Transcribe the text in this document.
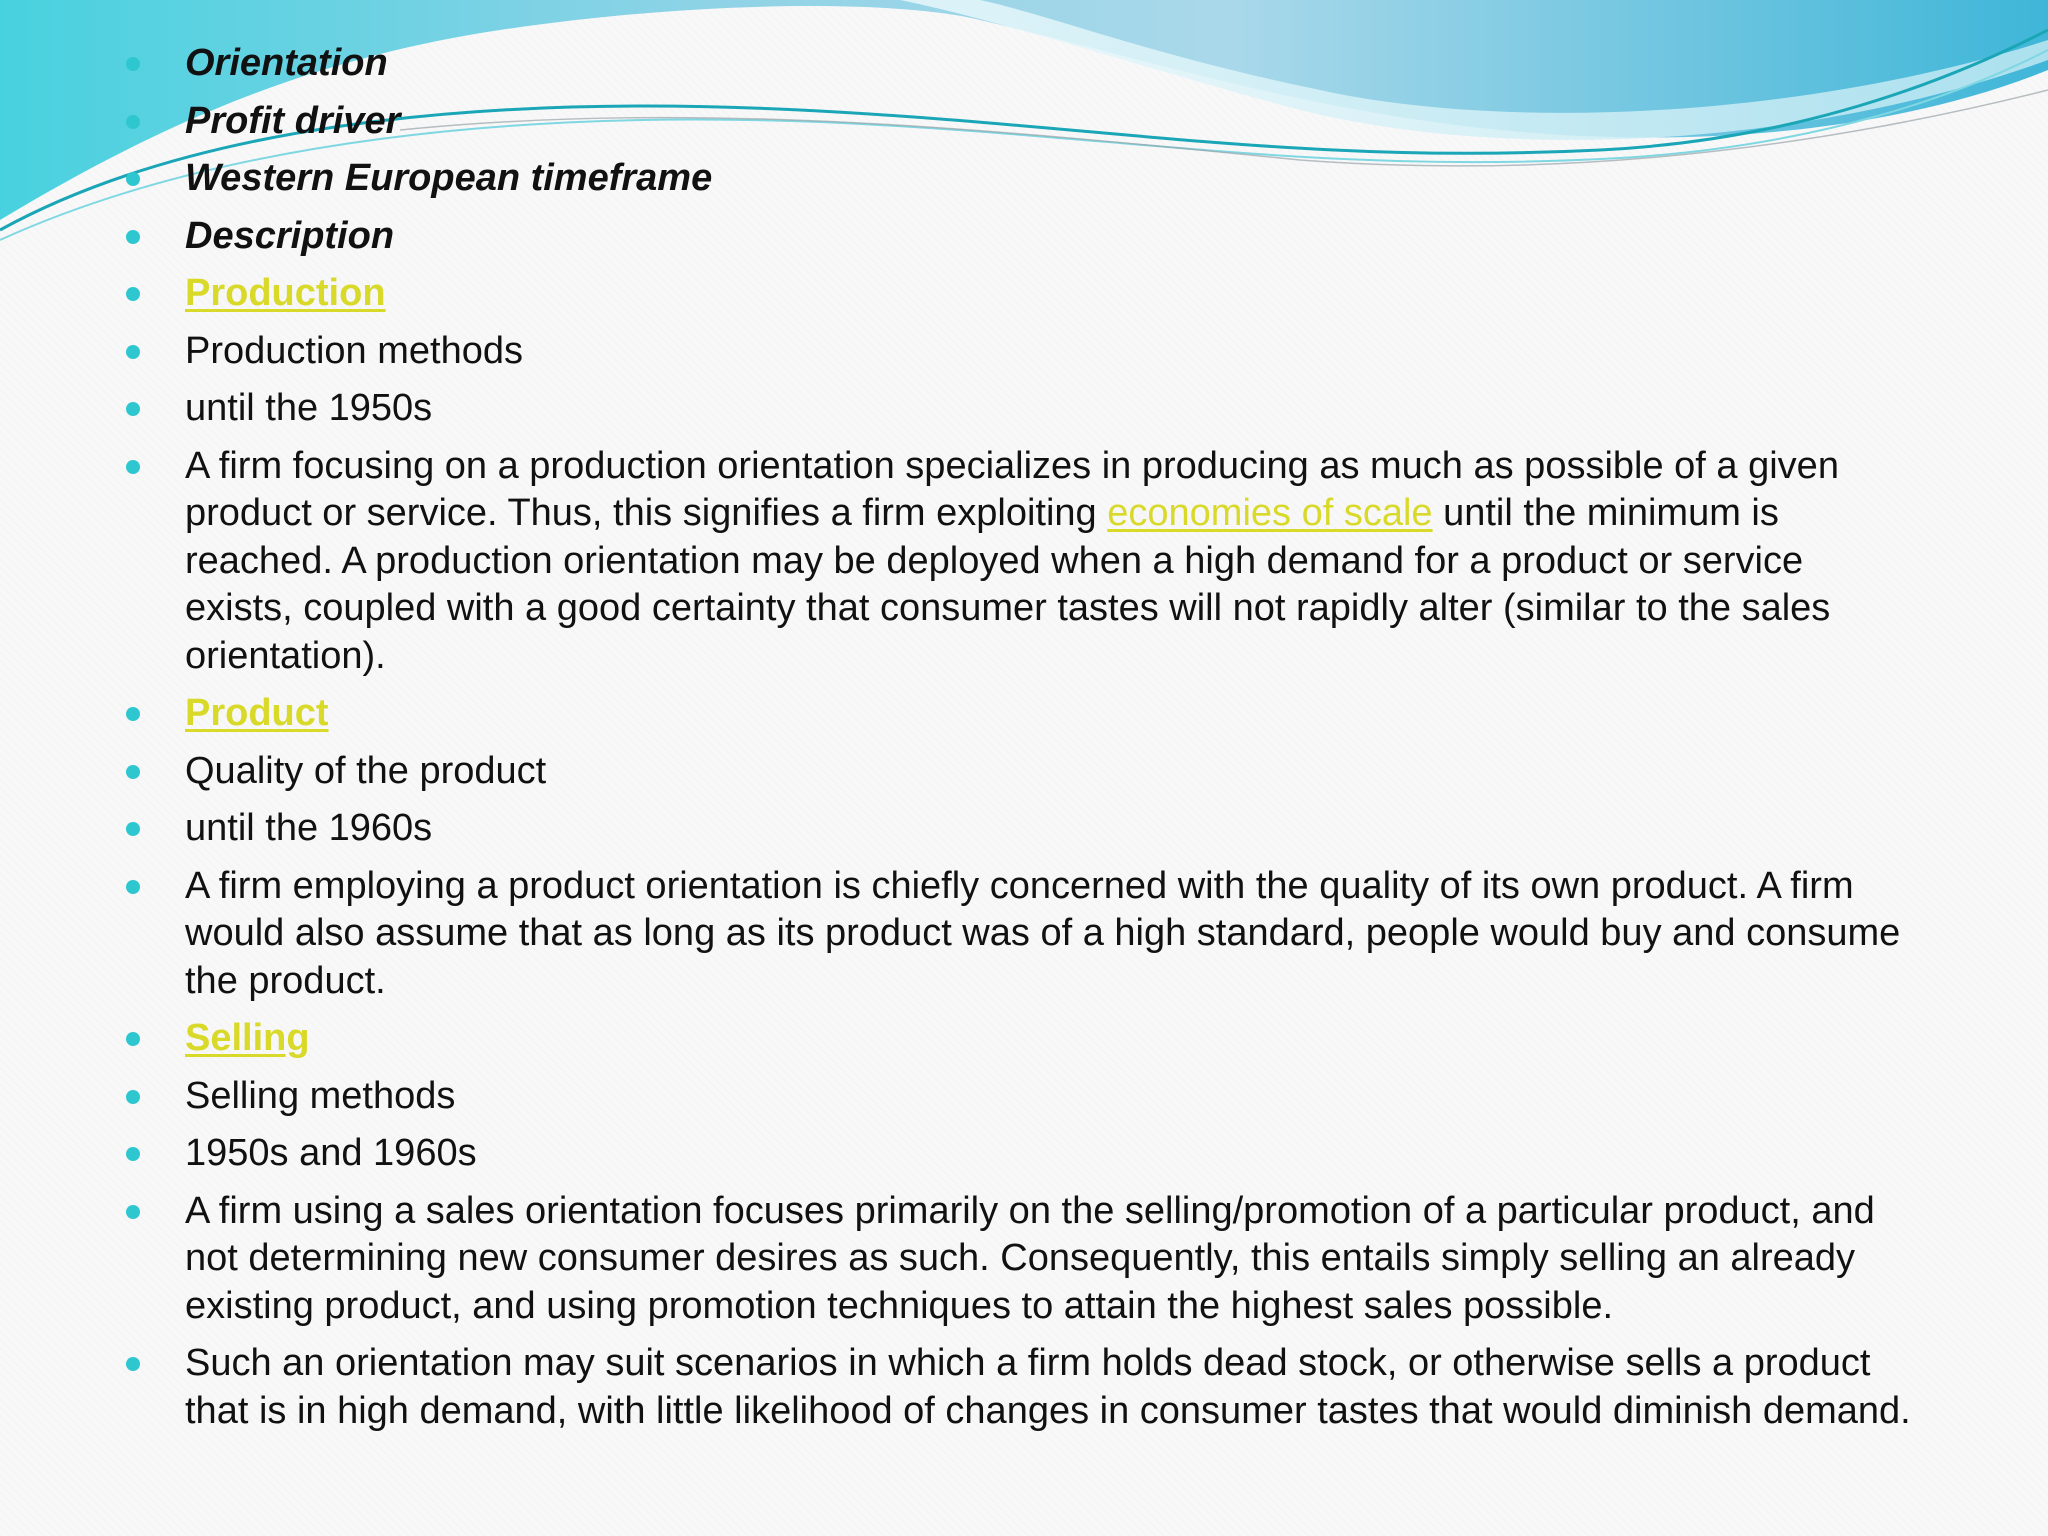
Orientation
Profit driver
Western European timeframe
Description
Production
Production methods
until the 1950s
A firm focusing on a production orientation specializes in producing as much as possible of a given product or service. Thus, this signifies a firm exploiting economies of scale until the minimum is reached. A production orientation may be deployed when a high demand for a product or service exists, coupled with a good certainty that consumer tastes will not rapidly alter (similar to the sales orientation).
Product
Quality of the product
until the 1960s
A firm employing a product orientation is chiefly concerned with the quality of its own product. A firm would also assume that as long as its product was of a high standard, people would buy and consume the product.
Selling
Selling methods
1950s and 1960s
A firm using a sales orientation focuses primarily on the selling/promotion of a particular product, and not determining new consumer desires as such. Consequently, this entails simply selling an already existing product, and using promotion techniques to attain the highest sales possible.
Such an orientation may suit scenarios in which a firm holds dead stock, or otherwise sells a product that is in high demand, with little likelihood of changes in consumer tastes that would diminish demand.
